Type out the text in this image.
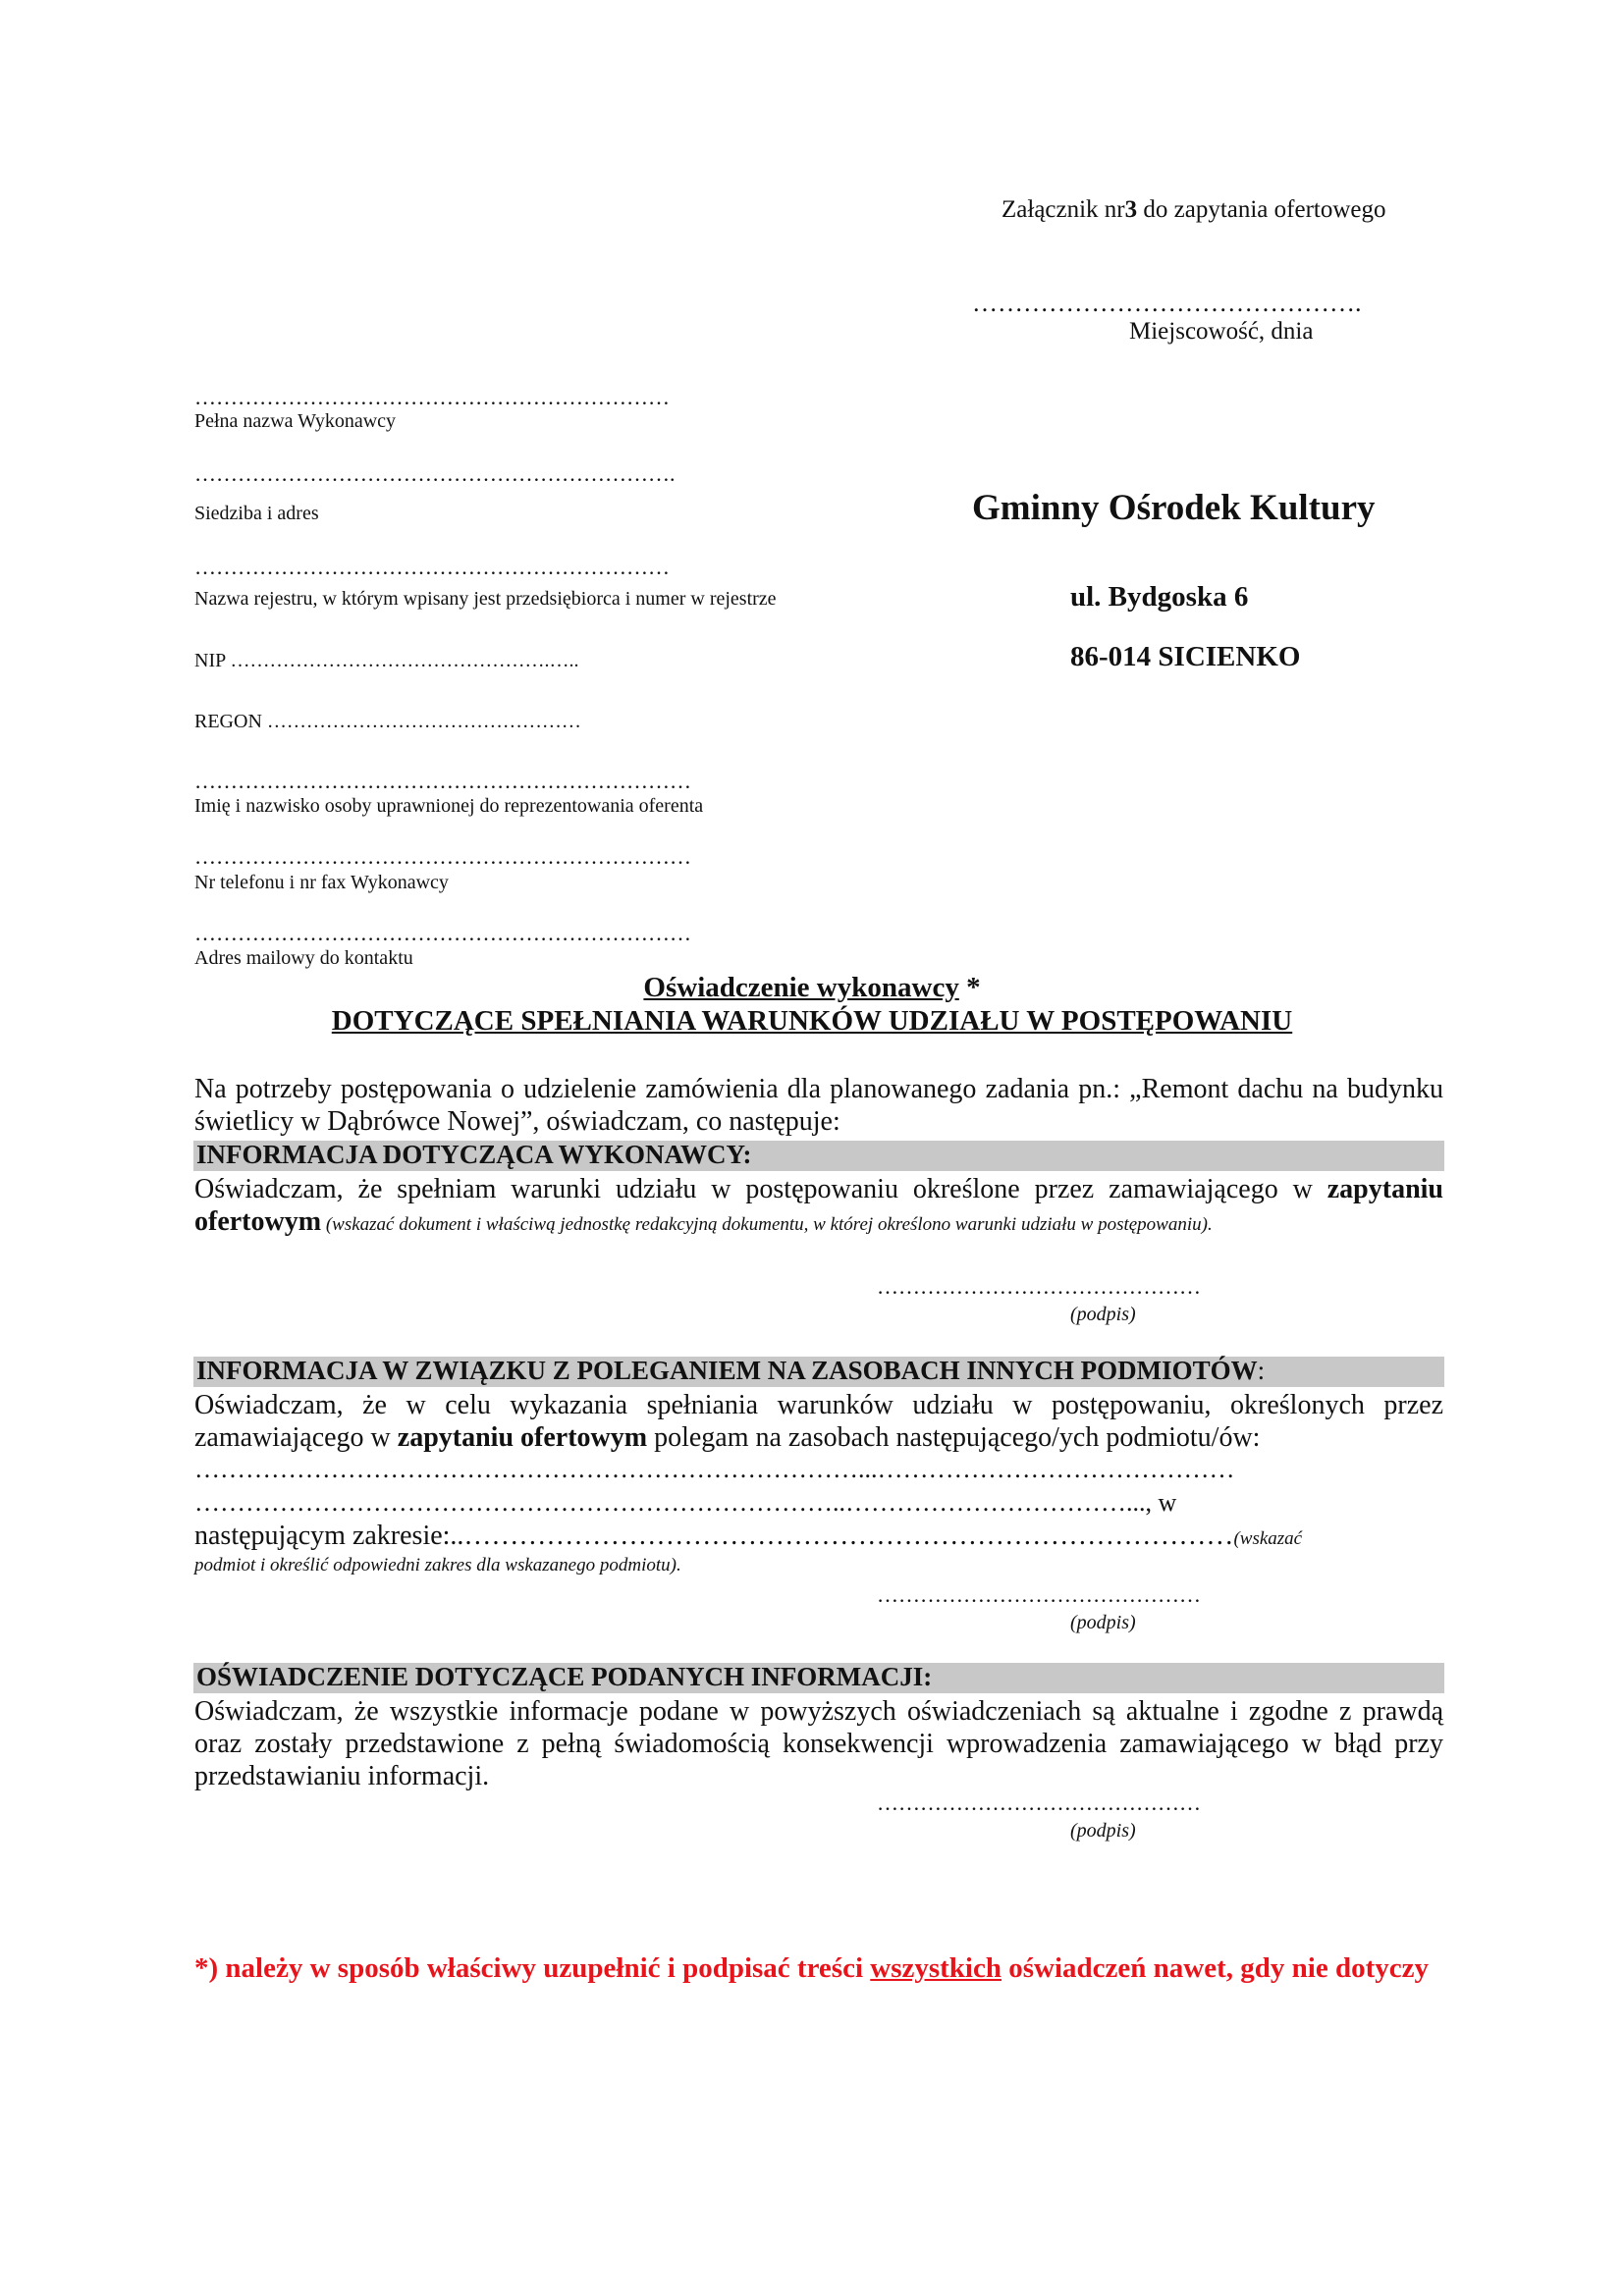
Załącznik nr3 do zapytania ofertowego
……………………………………….
Miejscowość, dnia
…………………………………………………………
Pełna nazwa Wykonawcy
………………………………………………………….
Siedziba i adres
…………………………………………………………
Nazwa rejestru, w którym wpisany jest przedsiębiorca i numer w rejestrze
NIP ………………………………………….…..
REGON …………………………………………
……………………………………………………………
Imię i nazwisko osoby uprawnionej do reprezentowania oferenta
……………………………………………………………
Nr telefonu i nr fax Wykonawcy
……………………………………………………………
Adres mailowy do kontaktu
Gminny Ośrodek Kultury
ul. Bydgoska 6
86-014 SICIENKO
Oświadczenie wykonawcy *
DOTYCZĄCE SPEŁNIANIA WARUNKÓW UDZIAŁU W POSTĘPOWANIU
Na potrzeby postępowania o udzielenie zamówienia dla planowanego zadania pn.: „Remont dachu na budynku świetlicy w Dąbrówce Nowej”, oświadczam, co następuje:
INFORMACJA DOTYCZĄCA WYKONAWCY:
Oświadczam, że spełniam warunki udziału w postępowaniu określone przez zamawiającego w zapytaniu ofertowym (wskazać dokument i właściwą jednostkę redakcyjną dokumentu, w której określono warunki udziału w postępowaniu).
………………………………………
(podpis)
INFORMACJA W ZWIĄZKU Z POLEGANIEM NA ZASOBACH INNYCH PODMIOTÓW:
Oświadczam, że w celu wykazania spełniania warunków udziału w postępowaniu, określonych przez zamawiającego w zapytaniu ofertowym polegam na zasobach następującego/ych podmiotu/ów:
……………………………………………………………………...……………………………………
…………………………………………………………………..……………………………..., w
następującym zakresie:..…………………………………………………………………………(wskazać
podmiot i określić odpowiedni zakres dla wskazanego podmiotu).
………………………………………
(podpis)
OŚWIADCZENIE DOTYCZĄCE PODANYCH INFORMACJI:
Oświadczam, że wszystkie informacje podane w powyższych oświadczeniach są aktualne i zgodne z prawdą oraz zostały przedstawione z pełną świadomością konsekwencji wprowadzenia zamawiającego w błąd przy przedstawianiu informacji.
………………………………………
(podpis)
*) należy w sposób właściwy uzupełnić i podpisać treści wszystkich oświadczeń nawet, gdy nie dotyczy
